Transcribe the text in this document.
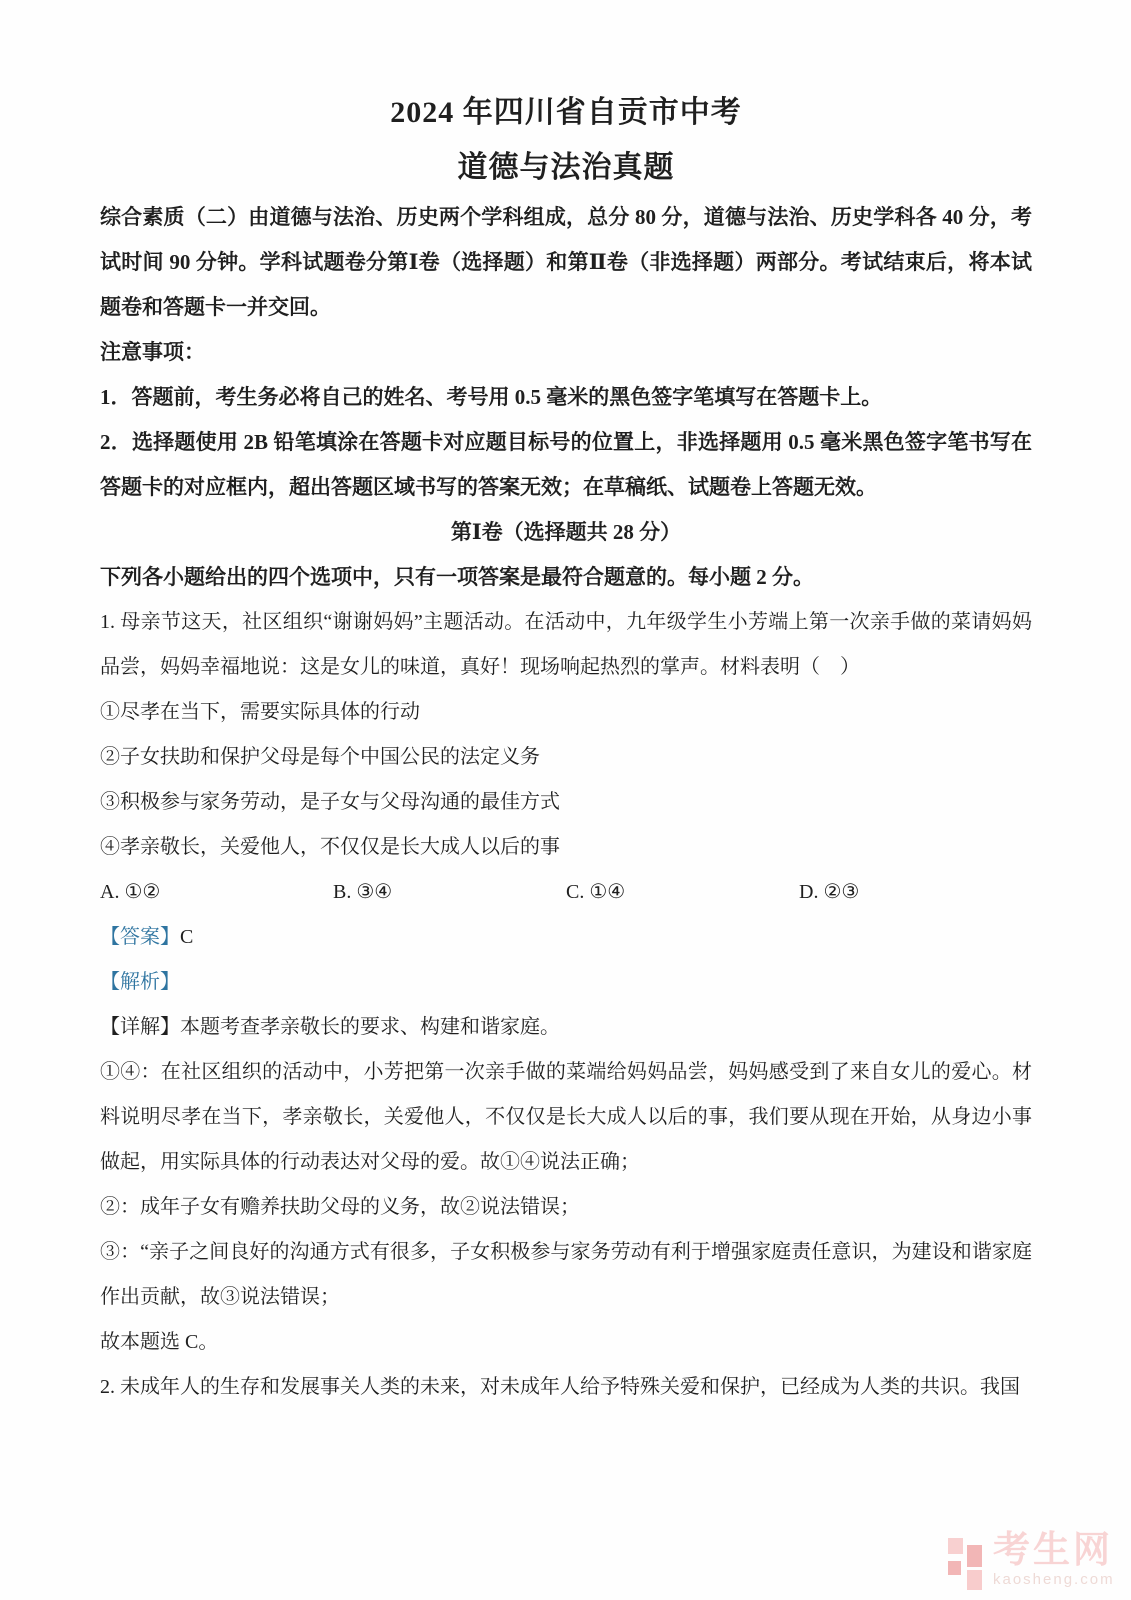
2024 年四川省自贡市中考
道德与法治真题

综合素质（二）由道德与法治、历史两个学科组成，总分 80 分，道德与法治、历史学科各 40 分，考试时间 90 分钟。学科试题卷分第Ⅰ卷（选择题）和第Ⅱ卷（非选择题）两部分。考试结束后，将本试题卷和答题卡一并交回。

注意事项：

1．答题前，考生务必将自己的姓名、考号用 0.5 毫米的黑色签字笔填写在答题卡上。

2．选择题使用 2B 铅笔填涂在答题卡对应题目标号的位置上，非选择题用 0.5 毫米黑色签字笔书写在答题卡的对应框内，超出答题区域书写的答案无效；在草稿纸、试题卷上答题无效。

第Ⅰ卷（选择题共 28 分）

下列各小题给出的四个选项中，只有一项答案是最符合题意的。每小题 2 分。

1. 母亲节这天，社区组织“谢谢妈妈”主题活动。在活动中，九年级学生小芳端上第一次亲手做的菜请妈妈品尝，妈妈幸福地说：这是女儿的味道，真好！现场响起热烈的掌声。材料表明（　）

①尽孝在当下，需要实际具体的行动

②子女扶助和保护父母是每个中国公民的法定义务

③积极参与家务劳动，是子女与父母沟通的最佳方式

④孝亲敬长，关爱他人，不仅仅是长大成人以后的事

A. ①②	B. ③④	C. ①④	D. ②③

【答案】C

【解析】

【详解】本题考查孝亲敬长的要求、构建和谐家庭。

①④：在社区组织的活动中，小芳把第一次亲手做的菜端给妈妈品尝，妈妈感受到了来自女儿的爱心。材料说明尽孝在当下，孝亲敬长，关爱他人，不仅仅是长大成人以后的事，我们要从现在开始，从身边小事做起，用实际具体的行动表达对父母的爱。故①④说法正确；

②：成年子女有赡养扶助父母的义务，故②说法错误；

③：“亲子之间良好的沟通方式有很多，子女积极参与家务劳动有利于增强家庭责任意识，为建设和谐家庭作出贡献，故③说法错误；

故本题选 C。

2. 未成年人的生存和发展事关人类的未来，对未成年人给予特殊关爱和保护，已经成为人类的共识。我国

考生网
kaosheng.com
